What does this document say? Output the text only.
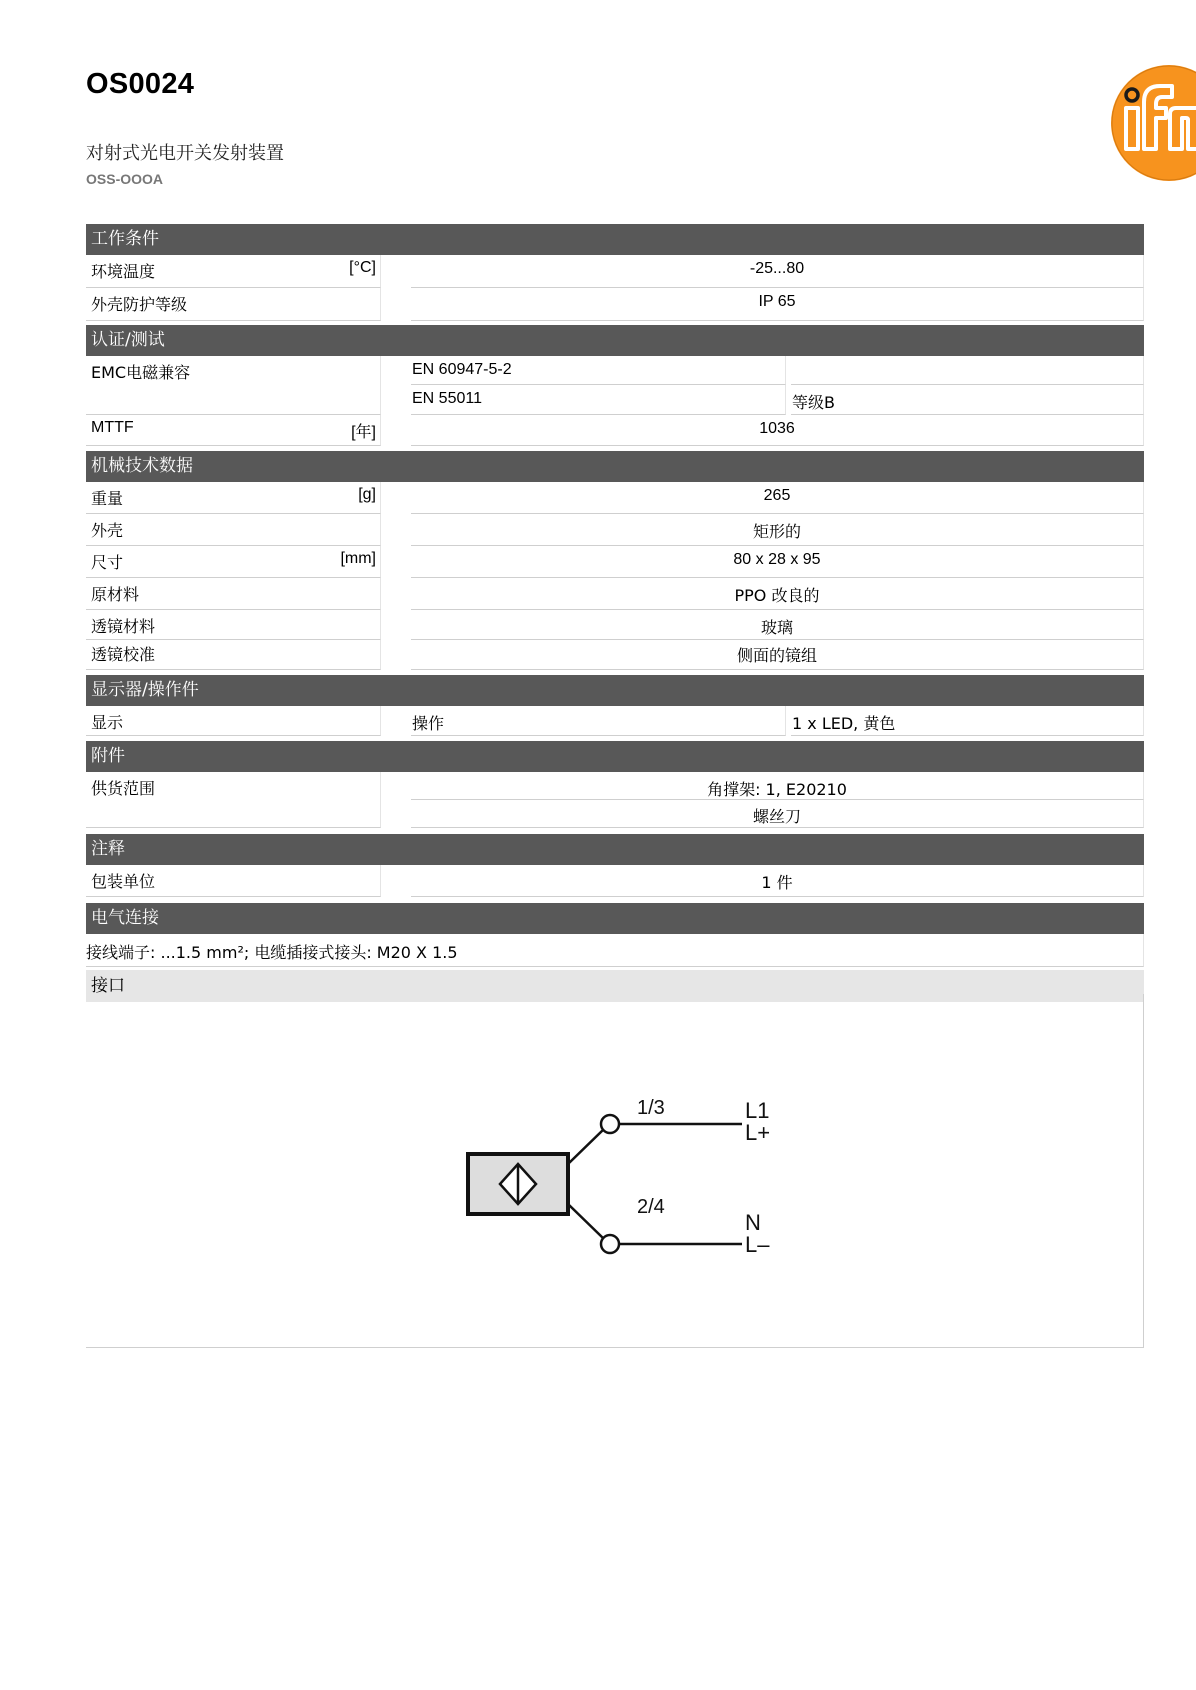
OS0024
对射式光电开关发射装置
OSS-OOOA
工作条件
环境温度	[°C]	-25...80
外壳防护等级	IP 65
认证/测试
EMC电磁兼容	EN 60947-5-2
EN 55011	等级B
MTTF	[年]	1036
机械技术数据
重量	[g]	265
外壳	矩形的
尺寸	[mm]	80 x 28 x 95
原材料	PPO 改良的
透镜材料	玻璃
透镜校准	侧面的镜组
显示器/操作件
显示	操作	1 x LED, 黄色
附件
供货范围	角撑架: 1, E20210
螺丝刀
注释
包装单位	1 件
电气连接
接线端子: ...1.5 mm²; 电缆插接式接头: M20 X 1.5
接口
1/3
2/4
L1
L+
N
L–
